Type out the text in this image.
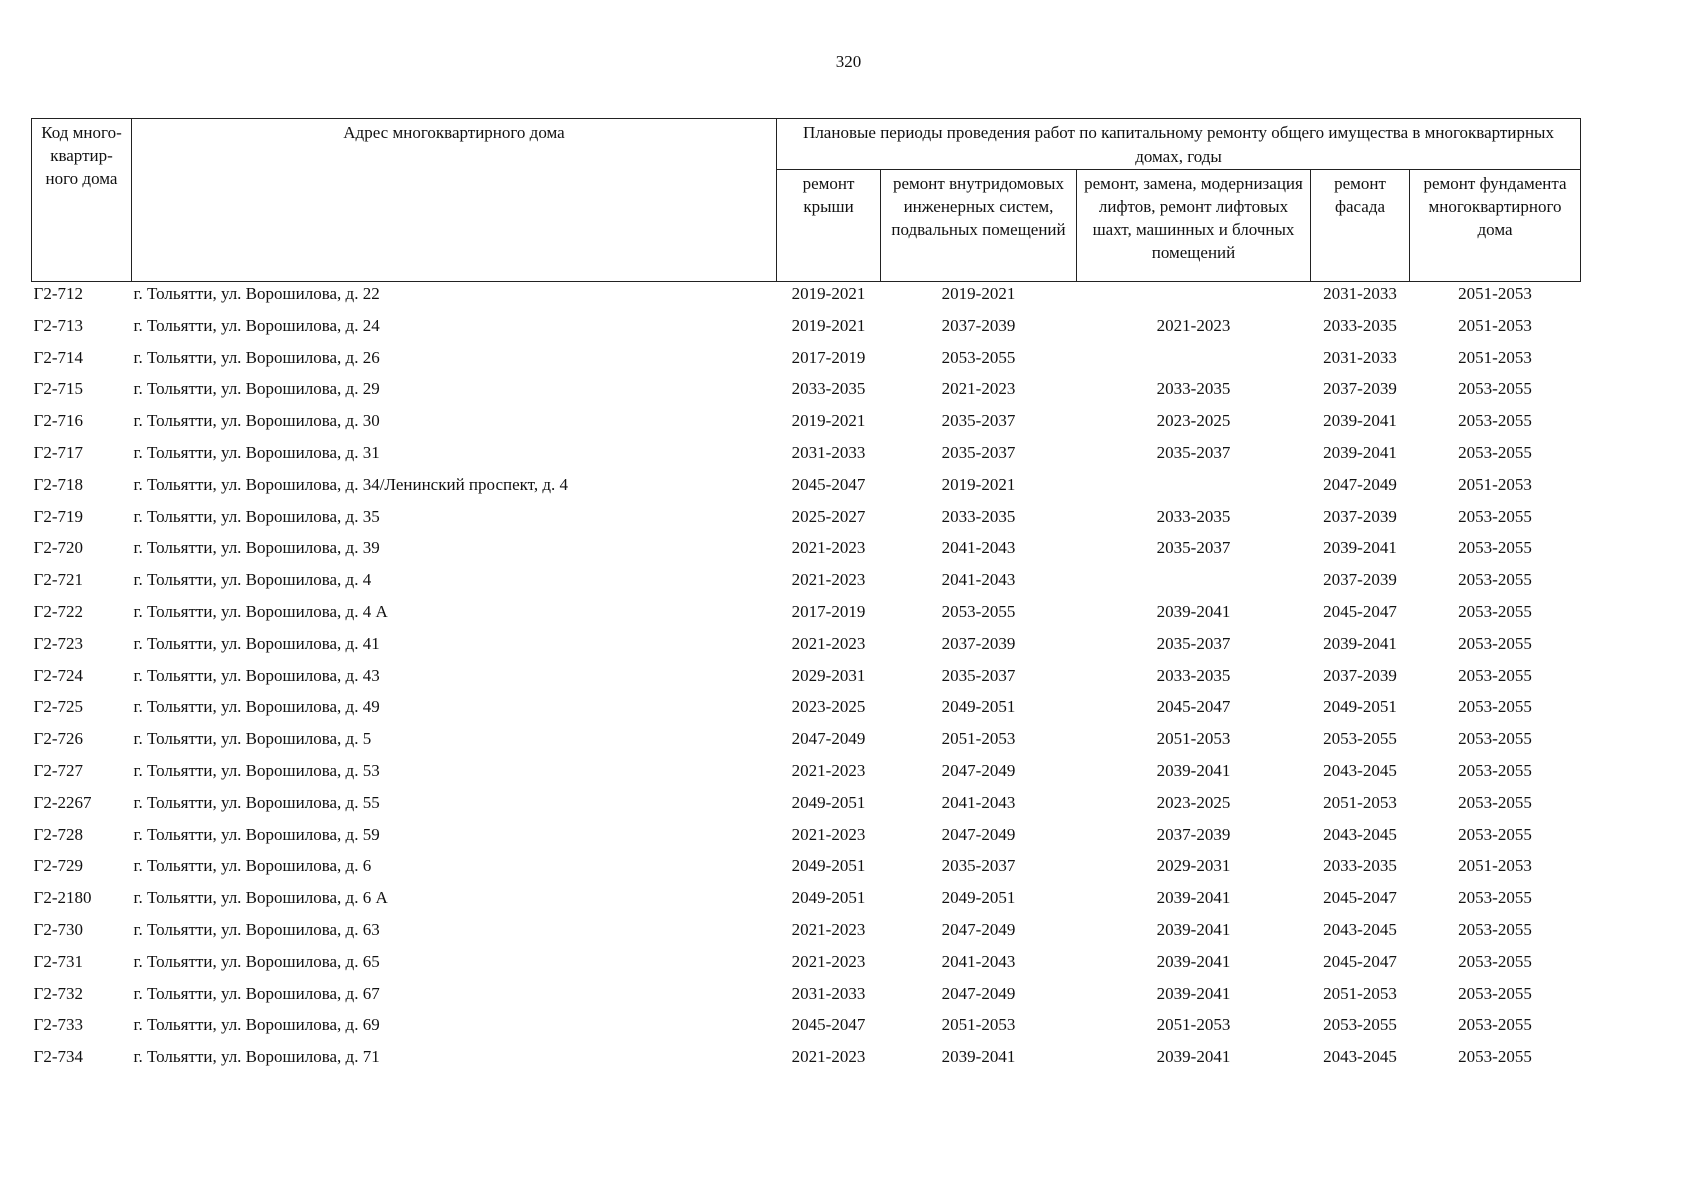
320
Код много-квартир-ного дома	Адрес многоквартирного дома	Плановые периоды проведения работ по капитальному ремонту общего имущества в многоквартирных домах, годы				

		ремонт крыши	ремонт внутридомовых инженерных систем, подвальных помещений	ремонт, замена, модернизация лифтов, ремонт лифтовых шахт, машинных и блочных помещений	ремонт фасада	ремонт фундамента многоквартирного дома

Г2-712	г. Тольятти, ул. Ворошилова, д. 22	2019-2021	2019-2021		2031-2033	2051-2053
Г2-713	г. Тольятти, ул. Ворошилова, д. 24	2019-2021	2037-2039	2021-2023	2033-2035	2051-2053
Г2-714	г. Тольятти, ул. Ворошилова, д. 26	2017-2019	2053-2055		2031-2033	2051-2053
Г2-715	г. Тольятти, ул. Ворошилова, д. 29	2033-2035	2021-2023	2033-2035	2037-2039	2053-2055
Г2-716	г. Тольятти, ул. Ворошилова, д. 30	2019-2021	2035-2037	2023-2025	2039-2041	2053-2055
Г2-717	г. Тольятти, ул. Ворошилова, д. 31	2031-2033	2035-2037	2035-2037	2039-2041	2053-2055
Г2-718	г. Тольятти, ул. Ворошилова, д. 34/Ленинский проспект, д. 4	2045-2047	2019-2021		2047-2049	2051-2053
Г2-719	г. Тольятти, ул. Ворошилова, д. 35	2025-2027	2033-2035	2033-2035	2037-2039	2053-2055
Г2-720	г. Тольятти, ул. Ворошилова, д. 39	2021-2023	2041-2043	2035-2037	2039-2041	2053-2055
Г2-721	г. Тольятти, ул. Ворошилова, д. 4	2021-2023	2041-2043		2037-2039	2053-2055
Г2-722	г. Тольятти, ул. Ворошилова, д. 4 А	2017-2019	2053-2055	2039-2041	2045-2047	2053-2055
Г2-723	г. Тольятти, ул. Ворошилова, д. 41	2021-2023	2037-2039	2035-2037	2039-2041	2053-2055
Г2-724	г. Тольятти, ул. Ворошилова, д. 43	2029-2031	2035-2037	2033-2035	2037-2039	2053-2055
Г2-725	г. Тольятти, ул. Ворошилова, д. 49	2023-2025	2049-2051	2045-2047	2049-2051	2053-2055
Г2-726	г. Тольятти, ул. Ворошилова, д. 5	2047-2049	2051-2053	2051-2053	2053-2055	2053-2055
Г2-727	г. Тольятти, ул. Ворошилова, д. 53	2021-2023	2047-2049	2039-2041	2043-2045	2053-2055
Г2-2267	г. Тольятти, ул. Ворошилова, д. 55	2049-2051	2041-2043	2023-2025	2051-2053	2053-2055
Г2-728	г. Тольятти, ул. Ворошилова, д. 59	2021-2023	2047-2049	2037-2039	2043-2045	2053-2055
Г2-729	г. Тольятти, ул. Ворошилова, д. 6	2049-2051	2035-2037	2029-2031	2033-2035	2051-2053
Г2-2180	г. Тольятти, ул. Ворошилова, д. 6 А	2049-2051	2049-2051	2039-2041	2045-2047	2053-2055
Г2-730	г. Тольятти, ул. Ворошилова, д. 63	2021-2023	2047-2049	2039-2041	2043-2045	2053-2055
Г2-731	г. Тольятти, ул. Ворошилова, д. 65	2021-2023	2041-2043	2039-2041	2045-2047	2053-2055
Г2-732	г. Тольятти, ул. Ворошилова, д. 67	2031-2033	2047-2049	2039-2041	2051-2053	2053-2055
Г2-733	г. Тольятти, ул. Ворошилова, д. 69	2045-2047	2051-2053	2051-2053	2053-2055	2053-2055
Г2-734	г. Тольятти, ул. Ворошилова, д. 71	2021-2023	2039-2041	2039-2041	2043-2045	2053-2055
